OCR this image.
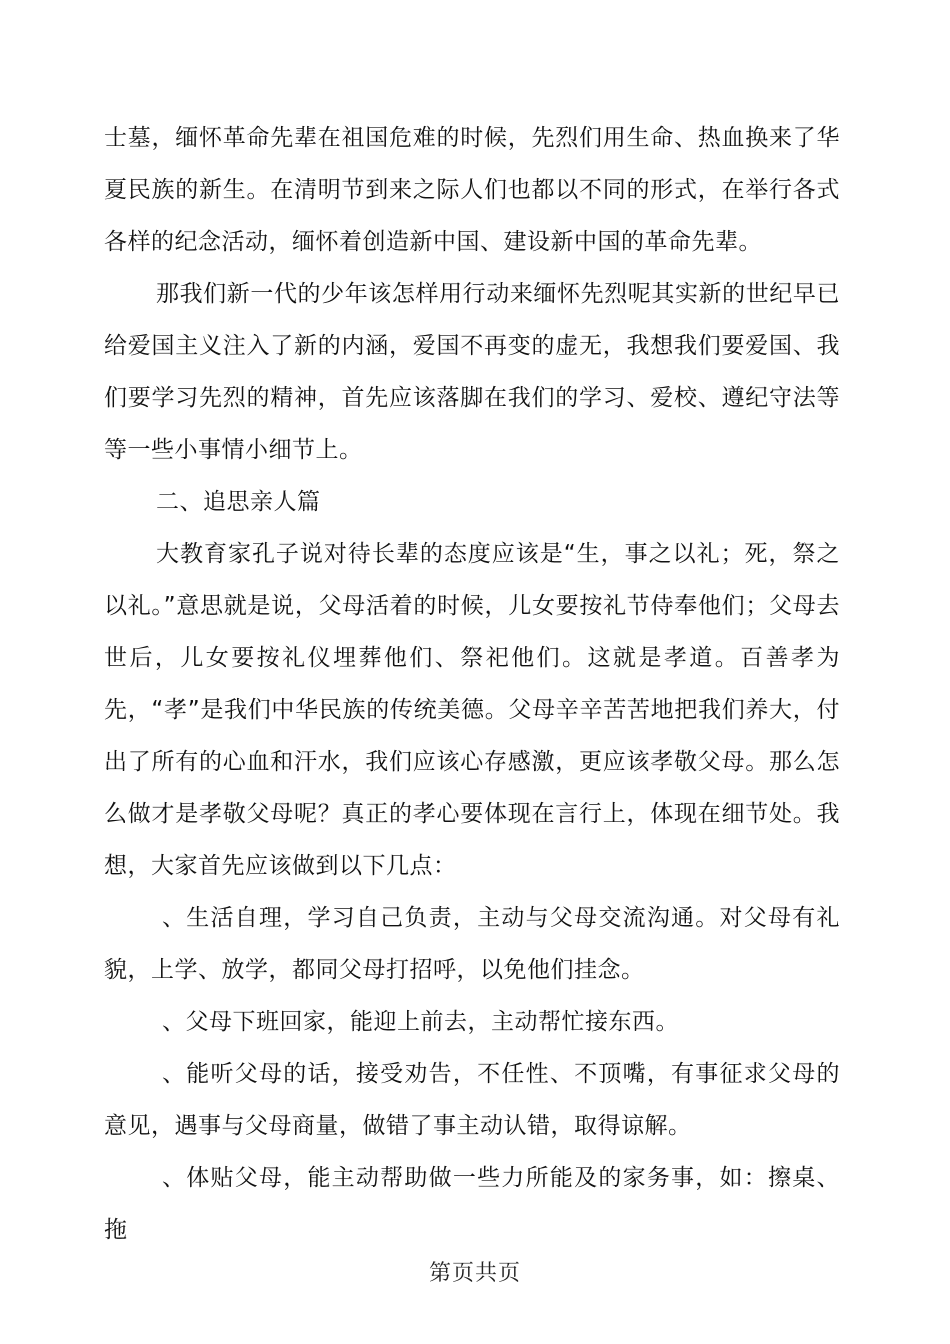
士墓，缅怀革命先辈在祖国危难的时候，先烈们用生命、热血换来了华夏民族的新生。在清明节到来之际人们也都以不同的形式，在举行各式各样的纪念活动，缅怀着创造新中国、建设新中国的革命先辈。

那我们新一代的少年该怎样用行动来缅怀先烈呢其实新的世纪早已给爱国主义注入了新的内涵，爱国不再变的虚无，我想我们要爱国、我们要学习先烈的精神，首先应该落脚在我们的学习、爱校、遵纪守法等等一些小事情小细节上。

二、追思亲人篇

大教育家孔子说对待长辈的态度应该是“生，事之以礼；死，祭之以礼。”意思就是说，父母活着的时候，儿女要按礼节侍奉他们；父母去世后，儿女要按礼仪埋葬他们、祭祀他们。这就是孝道。百善孝为先，“孝”是我们中华民族的传统美德。父母辛辛苦苦地把我们养大，付出了所有的心血和汗水，我们应该心存感激，更应该孝敬父母。那么怎么做才是孝敬父母呢？真正的孝心要体现在言行上，体现在细节处。我想，大家首先应该做到以下几点：

、生活自理，学习自己负责，主动与父母交流沟通。对父母有礼貌，上学、放学，都同父母打招呼，以免他们挂念。

、父母下班回家，能迎上前去，主动帮忙接东西。

、能听父母的话，接受劝告，不任性、不顶嘴，有事征求父母的意见，遇事与父母商量，做错了事主动认错，取得谅解。

、体贴父母，能主动帮助做一些力所能及的家务事，如：擦桌、拖

第页共页
